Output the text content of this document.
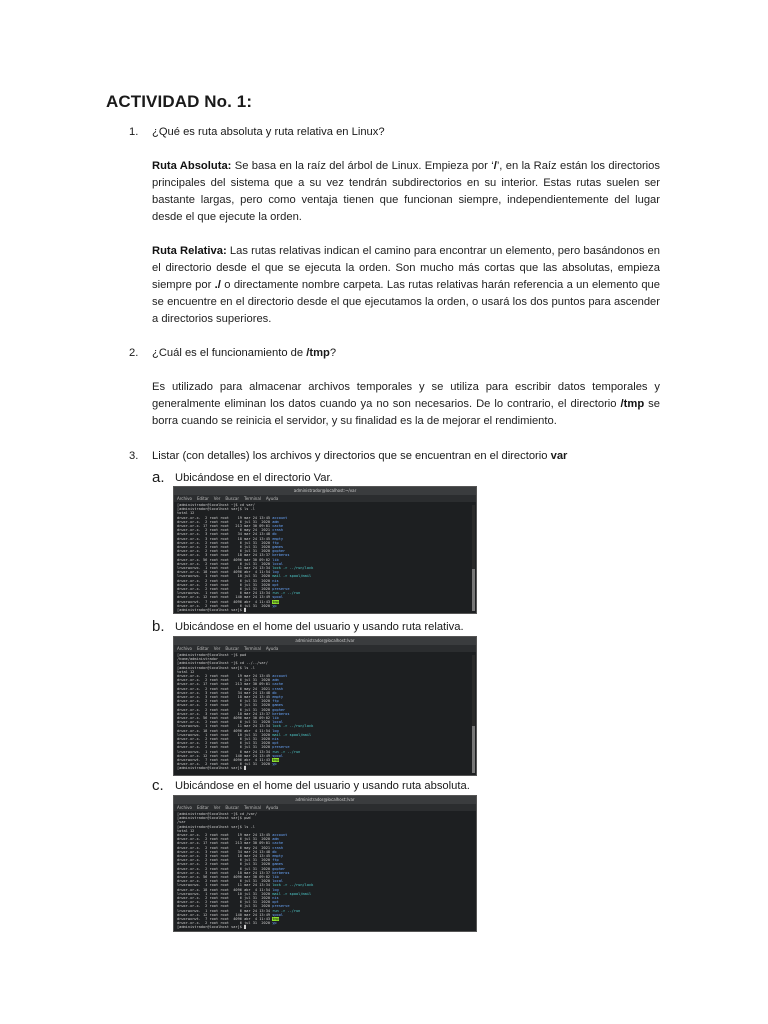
ACTIVIDAD No. 1:
1. ¿Qué es ruta absoluta y ruta relativa en Linux?
Ruta Absoluta: Se basa en la raíz del árbol de Linux. Empieza por ‘/’, en la Raíz están los directorios principales del sistema que a su vez tendrán subdirectorios en su interior. Estas rutas suelen ser bastante largas, pero como ventaja tienen que funcionan siempre, independientemente del lugar desde el que ejecute la orden.
Ruta Relativa: Las rutas relativas indican el camino para encontrar un elemento, pero basándonos en el directorio desde el que se ejecuta la orden. Son mucho más cortas que las absolutas, empieza siempre por ./ o directamente nombre carpeta. Las rutas relativas harán referencia a un elemento que se encuentre en el directorio desde el que ejecutamos la orden, o usará los dos puntos para ascender a directorios superiores.
2. ¿Cuál es el funcionamiento de /tmp?
Es utilizado para almacenar archivos temporales y se utiliza para escribir datos temporales y generalmente eliminan los datos cuando ya no son necesarios. De lo contrario, el directorio /tmp se borra cuando se reinicia el servidor, y su finalidad es la de mejorar el rendimiento.
3. Listar (con detalles) los archivos y directorios que se encuentran en el directorio var
a. Ubicándose en el directorio Var.
administrador@localhost:~/var
Archivo Editar Ver Buscar Terminal Ayuda
[administrador@localhost ~]$ cd var/
[administrador@localhost var]$ ls -l
total 12
drwxr-xr-x.  2 root root    19 mar 24 13:45 account
drwxr-xr-x.  2 root root     6 jul 31  2020 adm
drwxr-xr-x. 17 root root   213 mar 30 09:01 cache
drwxr-xr-x.  2 root root     6 may 24  2021 crash
drwxr-xr-x.  3 root root    34 mar 24 13:48 db
drwxr-xr-x.  3 root root    18 mar 24 13:45 empty
drwxr-xr-x.  2 root root     6 jul 31  2020 ftp
drwxr-xr-x.  2 root root     6 jul 31  2020 games
drwxr-xr-x.  2 root root     6 jul 31  2020 gopher
drwxr-xr-x.  3 root root    18 mar 24 13:37 kerberos
drwxr-xr-x. 56 root root  4096 mar 30 09:02 lib
drwxr-xr-x.  2 root root     6 jul 31  2020 local
lrwxrwxrwx.  1 root root    11 mar 24 13:34 lock -> ../run/lock
drwxr-xr-x. 18 root root  4096 abr  4 11:54 log
lrwxrwxrwx.  1 root root    10 jul 31  2020 mail -> spool/mail
drwxr-xr-x.  2 root root     6 jul 31  2020 nis
drwxr-xr-x.  2 root root     6 jul 31  2020 opt
drwxr-xr-x.  2 root root     6 jul 31  2020 preserve
lrwxrwxrwx.  1 root root     6 mar 24 13:34 run -> ../run
drwxr-xr-x. 12 root root   140 mar 24 13:49 spool
drwxrwxrwt.  7 root root  4096 abr  4 11:43 tmp
drwxr-xr-x.  2 root root     6 jul 31  2020 yp
[administrador@localhost var]$
b. Ubicándose en el home del usuario y usando ruta relativa.
administrador@localhost:/var
Archivo Editar Ver Buscar Terminal Ayuda
[administrador@localhost ~]$ pwd
/home/administrador
[administrador@localhost ~]$ cd ../../var/
[administrador@localhost var]$ ls -l
total 12
drwxr-xr-x.  2 root root    19 mar 24 13:45 account
drwxr-xr-x.  2 root root     6 jul 31  2020 adm
drwxr-xr-x. 17 root root   213 mar 30 09:01 cache
drwxr-xr-x.  2 root root     6 may 24  2021 crash
drwxr-xr-x.  3 root root    34 mar 24 13:48 db
drwxr-xr-x.  3 root root    18 mar 24 13:45 empty
drwxr-xr-x.  2 root root     6 jul 31  2020 ftp
drwxr-xr-x.  2 root root     6 jul 31  2020 games
drwxr-xr-x.  2 root root     6 jul 31  2020 gopher
drwxr-xr-x.  3 root root    18 mar 24 13:37 kerberos
drwxr-xr-x. 56 root root  4096 mar 30 09:02 lib
drwxr-xr-x.  2 root root     6 jul 31  2020 local
lrwxrwxrwx.  1 root root    11 mar 24 13:34 lock -> ../run/lock
drwxr-xr-x. 18 root root  4096 abr  4 11:54 log
lrwxrwxrwx.  1 root root    10 jul 31  2020 mail -> spool/mail
drwxr-xr-x.  2 root root     6 jul 31  2020 nis
drwxr-xr-x.  2 root root     6 jul 31  2020 opt
drwxr-xr-x.  2 root root     6 jul 31  2020 preserve
lrwxrwxrwx.  1 root root     6 mar 24 13:34 run -> ../run
drwxr-xr-x. 12 root root   140 mar 24 13:49 spool
drwxrwxrwt.  7 root root  4096 abr  4 11:43 tmp
drwxr-xr-x.  2 root root     6 jul 31  2020 yp
[administrador@localhost var]$
c. Ubicándose en el home del usuario y usando ruta absoluta.
administrador@localhost:/var
Archivo Editar Ver Buscar Terminal Ayuda
[administrador@localhost ~]$ cd /var/
[administrador@localhost var]$ pwd
/var
[administrador@localhost var]$ ls -l
total 12
drwxr-xr-x.  2 root root    19 mar 24 13:45 account
drwxr-xr-x.  2 root root     6 jul 31  2020 adm
drwxr-xr-x. 17 root root   213 mar 30 09:01 cache
drwxr-xr-x.  2 root root     6 may 24  2021 crash
drwxr-xr-x.  3 root root    34 mar 24 13:48 db
drwxr-xr-x.  3 root root    18 mar 24 13:45 empty
drwxr-xr-x.  2 root root     6 jul 31  2020 ftp
drwxr-xr-x.  2 root root     6 jul 31  2020 games
drwxr-xr-x.  2 root root     6 jul 31  2020 gopher
drwxr-xr-x.  3 root root    18 mar 24 13:37 kerberos
drwxr-xr-x. 56 root root  4096 mar 30 09:02 lib
drwxr-xr-x.  2 root root     6 jul 31  2020 local
lrwxrwxrwx.  1 root root    11 mar 24 13:34 lock -> ../run/lock
drwxr-xr-x. 18 root root  4096 abr  4 11:54 log
lrwxrwxrwx.  1 root root    10 jul 31  2020 mail -> spool/mail
drwxr-xr-x.  2 root root     6 jul 31  2020 nis
drwxr-xr-x.  2 root root     6 jul 31  2020 opt
drwxr-xr-x.  2 root root     6 jul 31  2020 preserve
lrwxrwxrwx.  1 root root     6 mar 24 13:34 run -> ../run
drwxr-xr-x. 12 root root   140 mar 24 13:49 spool
drwxrwxrwt.  7 root root  4096 abr  4 11:43 tmp
drwxr-xr-x.  2 root root     6 jul 31  2020 yp
[administrador@localhost var]$
